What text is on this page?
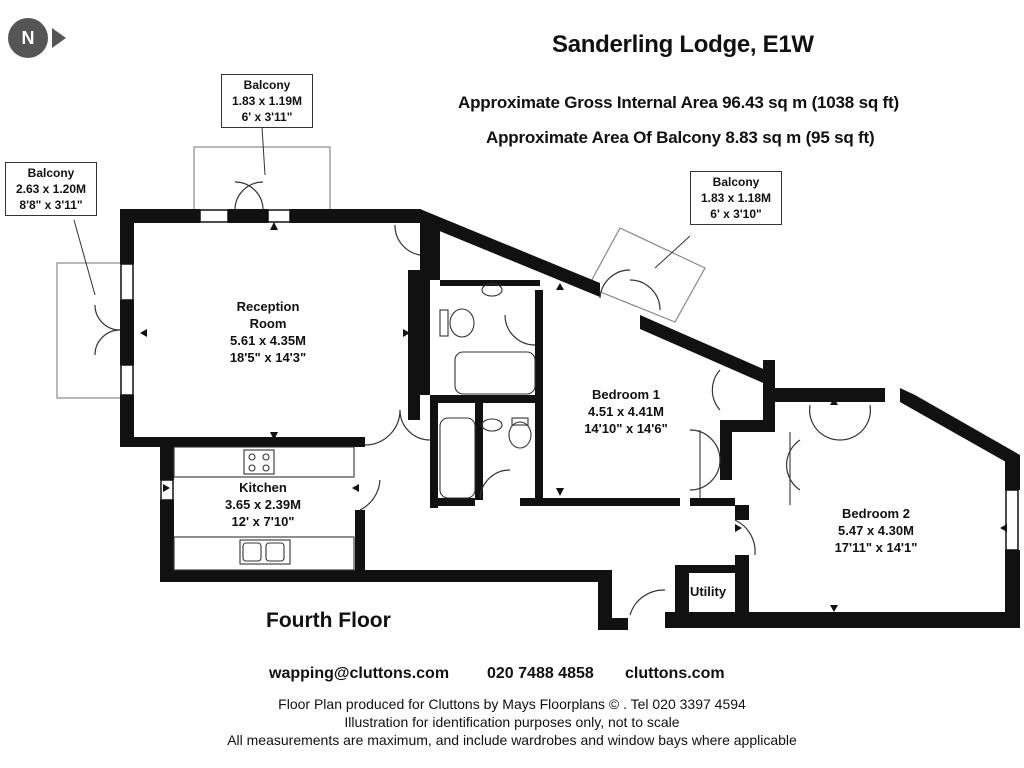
N	Sanderling Lodge, E1W
Approximate Gross Internal Area 96.43 sq m (1038 sq ft)
Approximate Area Of Balcony 8.83 sq m (95 sq ft)
Balcony
2.63 x 1.20M
8'8" x 3'11"
Balcony
1.83 x 1.19M
6' x 3'11"
Balcony
1.83 x 1.18M
6' x 3'10"
Reception
Room
5.61 x 4.35M
18'5" x 14'3"
Kitchen
3.65 x 2.39M
12' x 7'10"
Bedroom 1
4.51 x 4.41M
14'10" x 14'6"
Bedroom 2
5.47 x 4.30M
17'11" x 14'1"
Utility
Fourth Floor
wapping@cluttons.com 020 7488 4858 cluttons.com
Floor Plan produced for Cluttons by Mays Floorplans © . Tel 020 3397 4594
Illustration for identification purposes only, not to scale
All measurements are maximum, and include wardrobes and window bays where applicable
